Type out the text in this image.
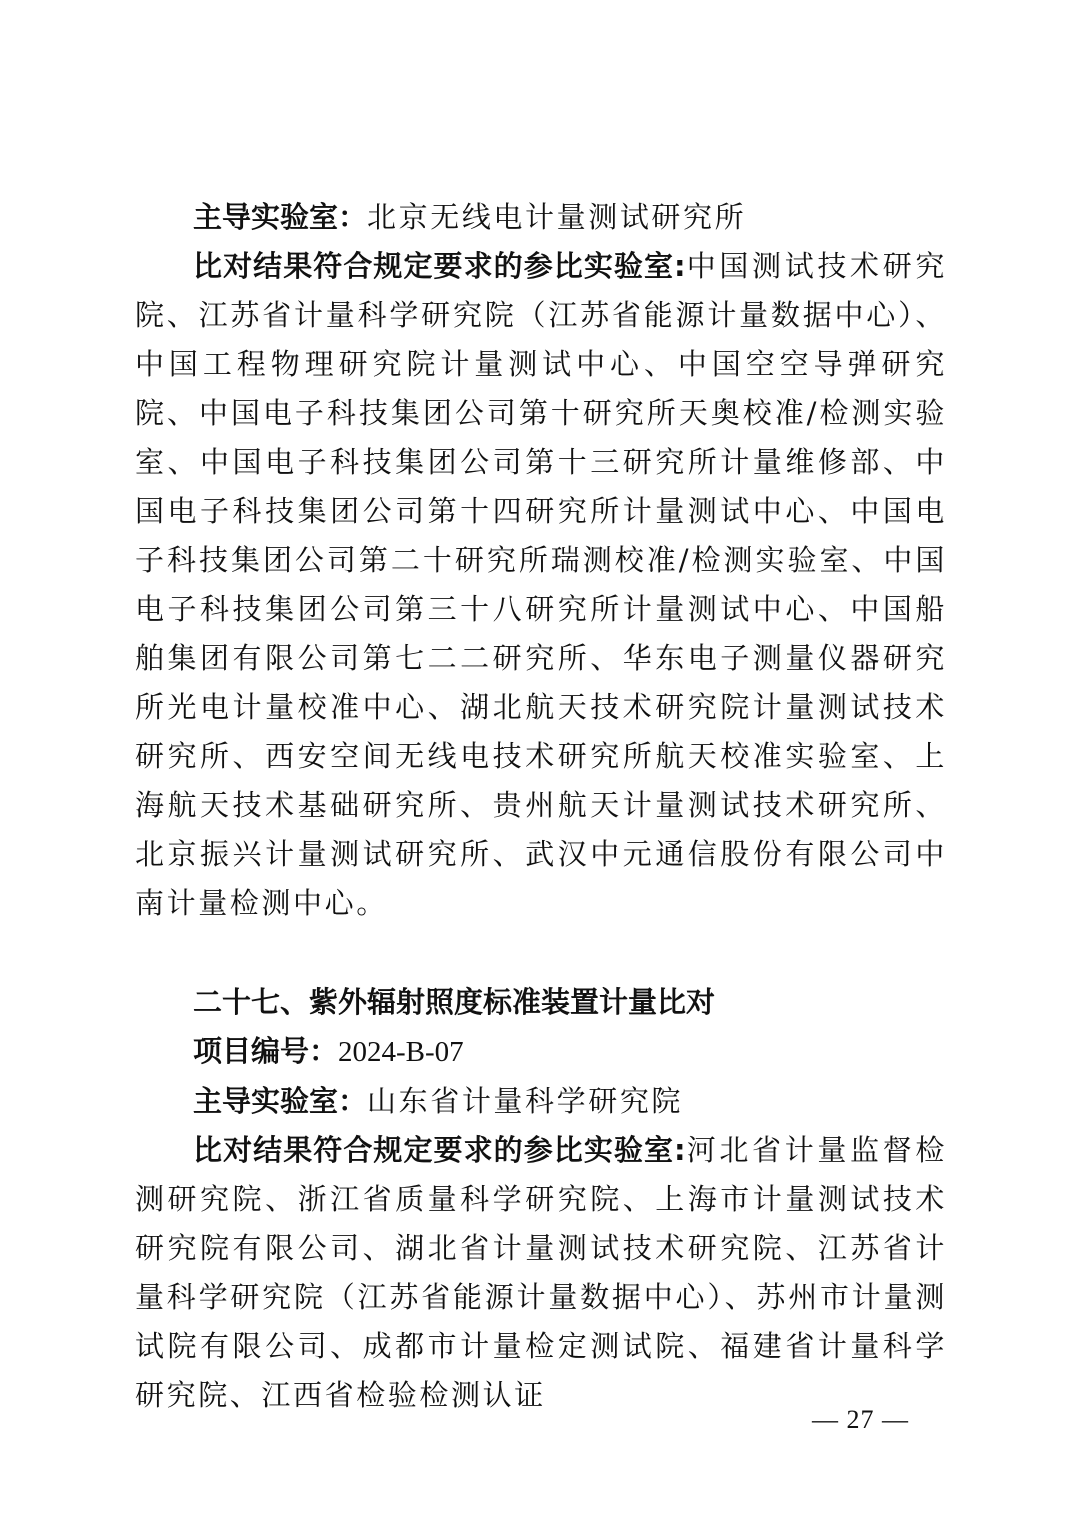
主导实验室：北京无线电计量测试研究所

比对结果符合规定要求的参比实验室:中国测试技术研究院、江苏省计量科学研究院（江苏省能源计量数据中心）、中国工程物理研究院计量测试中心、中国空空导弹研究院、中国电子科技集团公司第十研究所天奥校准/检测实验室、中国电子科技集团公司第十三研究所计量维修部、中国电子科技集团公司第十四研究所计量测试中心、中国电子科技集团公司第二十研究所瑞测校准/检测实验室、中国电子科技集团公司第三十八研究所计量测试中心、中国船舶集团有限公司第七二二研究所、华东电子测量仪器研究所光电计量校准中心、湖北航天技术研究院计量测试技术研究所、西安空间无线电技术研究所航天校准实验室、上海航天技术基础研究所、贵州航天计量测试技术研究所、北京振兴计量测试研究所、武汉中元通信股份有限公司中南计量检测中心。

二十七、紫外辐射照度标准装置计量比对

项目编号：2024-B-07

主导实验室：山东省计量科学研究院

比对结果符合规定要求的参比实验室:河北省计量监督检测研究院、浙江省质量科学研究院、上海市计量测试技术研究院有限公司、湖北省计量测试技术研究院、江苏省计量科学研究院（江苏省能源计量数据中心）、苏州市计量测试院有限公司、成都市计量检定测试院、福建省计量科学研究院、江西省检验检测认证

— 27 —
